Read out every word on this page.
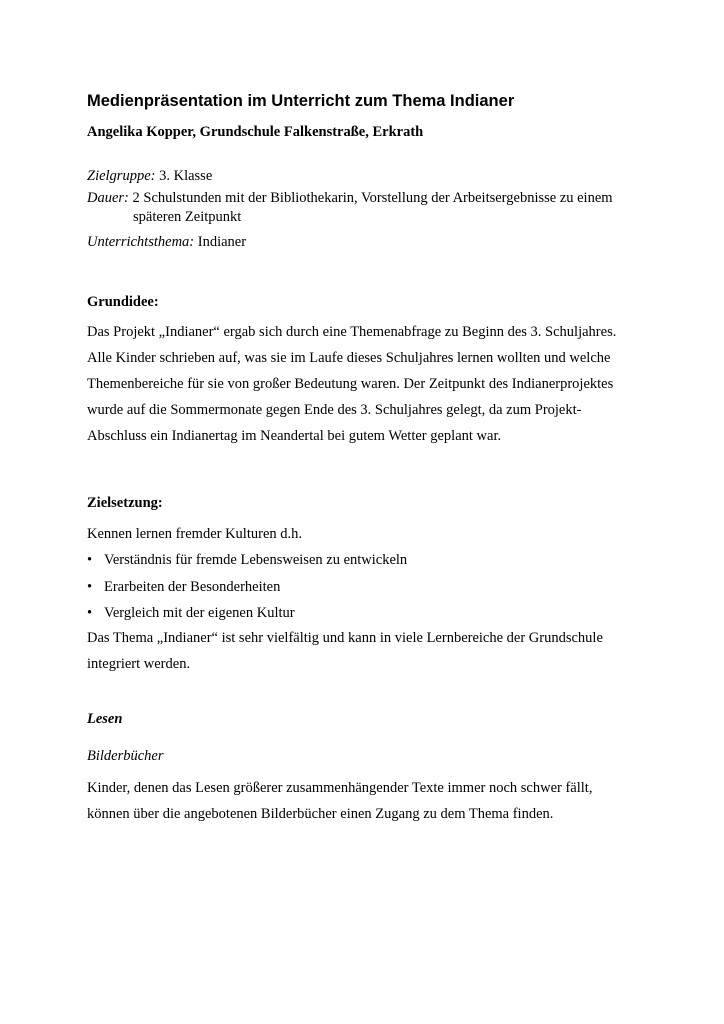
Medienpräsentation im Unterricht zum Thema Indianer
Angelika Kopper, Grundschule Falkenstraße, Erkrath
Zielgruppe: 3. Klasse
Dauer: 2 Schulstunden mit der Bibliothekarin, Vorstellung der Arbeitsergebnisse zu einem
späteren Zeitpunkt
Unterrichtsthema: Indianer
Grundidee:
Das Projekt „Indianer“ ergab sich durch eine Themenabfrage zu Beginn des 3. Schuljahres.
Alle Kinder schrieben auf, was sie im Laufe dieses Schuljahres lernen wollten und welche
Themenbereiche für sie von großer Bedeutung waren. Der Zeitpunkt des Indianerprojektes
wurde auf die Sommermonate gegen Ende des 3. Schuljahres gelegt, da zum Projekt-
Abschluss ein Indianertag im Neandertal bei gutem Wetter geplant war.
Zielsetzung:
Kennen lernen fremder Kulturen d.h.
• Verständnis für fremde Lebensweisen zu entwickeln
• Erarbeiten der Besonderheiten
• Vergleich mit der eigenen Kultur
Das Thema „Indianer“ ist sehr vielfältig und kann in viele Lernbereiche der Grundschule
integriert werden.
Lesen
Bilderbücher
Kinder, denen das Lesen größerer zusammenhängender Texte immer noch schwer fällt,
können über die angebotenen Bilderbücher einen Zugang zu dem Thema finden.
